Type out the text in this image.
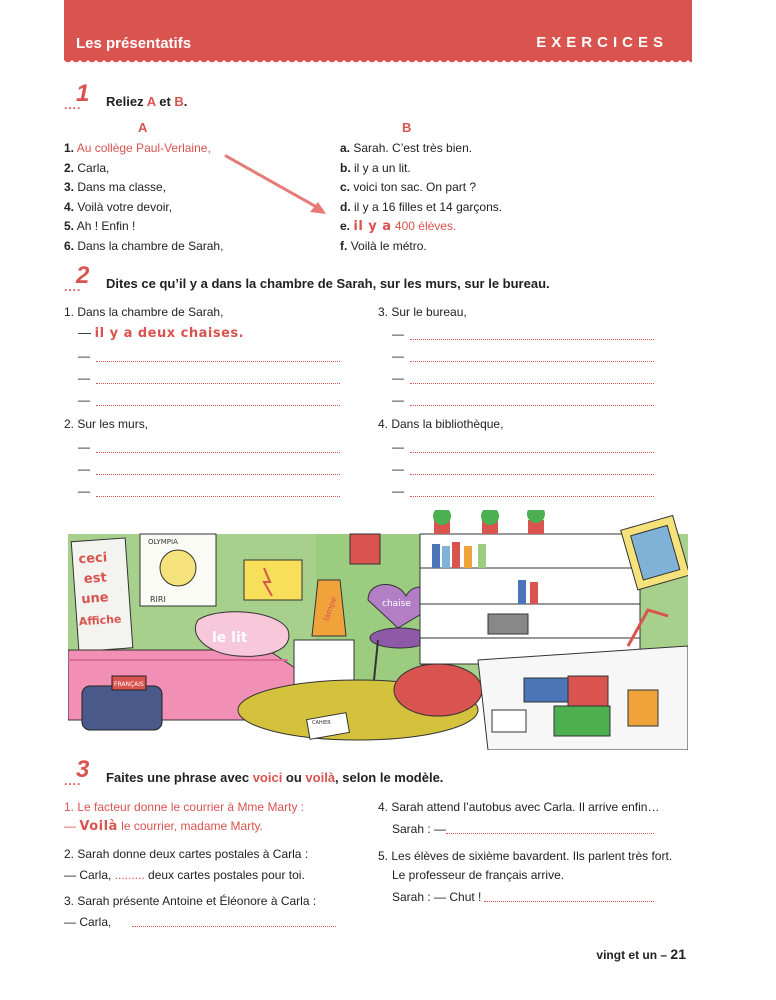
Les présentatifs	EXERCICES
1
.... Reliez A et B.
A	B
1. Au collège Paul-Verlaine,
2. Carla,
3. Dans ma classe,
4. Voilà votre devoir,
5. Ah ! Enfin !
6. Dans la chambre de Sarah,
a. Sarah. C’est très bien.
b. il y a un lit.
c. voici ton sac. On part ?
d. il y a 16 filles et 14 garçons.
e. il y a 400 élèves.
f. Voilà le métro.
2
.... Dites ce qu’il y a dans la chambre de Sarah, sur les murs, sur le bureau.
1. Dans la chambre de Sarah,
— il y a deux chaises.
2. Sur les murs,
3. Sur le bureau,
4. Dans la bibliothèque,
—
—
—
—
—
—
—
—
—
—
—
—
—
ceci
est
une
Affiche
OLYMPIA
RIRI
le lit
FRANÇAIS
lampe	chaise
CAHIER
3
.... Faites une phrase avec voici ou voilà, selon le modèle.
1. Le facteur donne le courrier à Mme Marty :
— Voilà le courrier, madame Marty.
2. Sarah donne deux cartes postales à Carla :
— Carla, ......... deux cartes postales pour toi.
3. Sarah présente Antoine et Éléonore à Carla :
— Carla,
4. Sarah attend l’autobus avec Carla. Il arrive enfin…
Sarah : —
5. Les élèves de sixième bavardent. Ils parlent très fort.
Le professeur de français arrive.
Sarah : — Chut !
vingt et un – 21
